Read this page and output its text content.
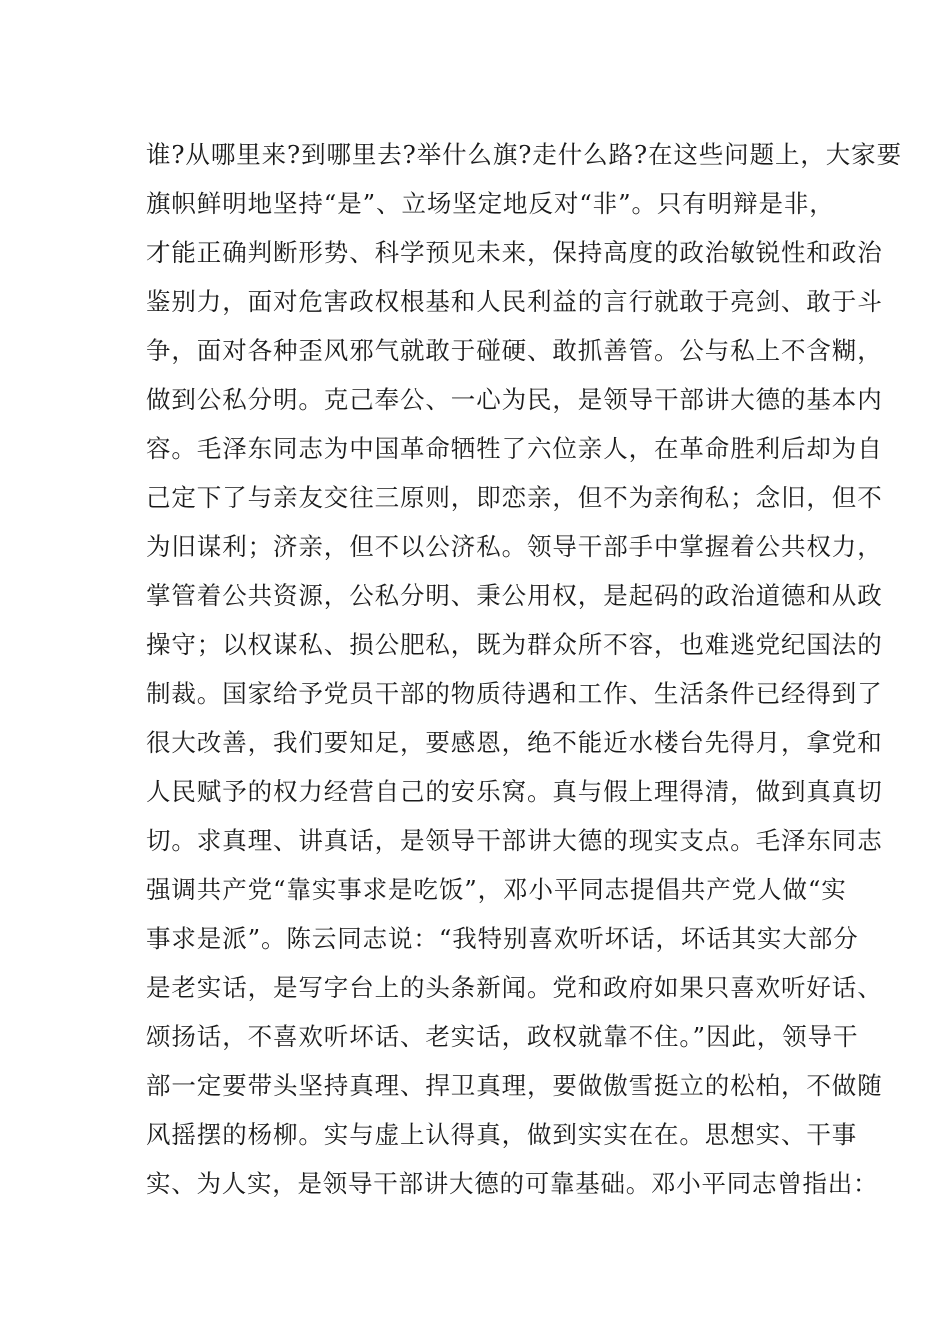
谁?从哪里来?到哪里去?举什么旗?走什么路?在这些问题上，大家要
旗帜鲜明地坚持“是”、立场坚定地反对“非”。只有明辩是非，
才能正确判断形势、科学预见未来，保持高度的政治敏锐性和政治
鉴别力，面对危害政权根基和人民利益的言行就敢于亮剑、敢于斗
争，面对各种歪风邪气就敢于碰硬、敢抓善管。公与私上不含糊，
做到公私分明。克己奉公、一心为民，是领导干部讲大德的基本内
容。毛泽东同志为中国革命牺牲了六位亲人，在革命胜利后却为自
己定下了与亲友交往三原则，即恋亲，但不为亲徇私；念旧，但不
为旧谋利；济亲，但不以公济私。领导干部手中掌握着公共权力，
掌管着公共资源，公私分明、秉公用权，是起码的政治道德和从政
操守；以权谋私、损公肥私，既为群众所不容，也难逃党纪国法的
制裁。国家给予党员干部的物质待遇和工作、生活条件已经得到了
很大改善，我们要知足，要感恩，绝不能近水楼台先得月，拿党和
人民赋予的权力经营自己的安乐窝。真与假上理得清，做到真真切
切。求真理、讲真话，是领导干部讲大德的现实支点。毛泽东同志
强调共产党“靠实事求是吃饭”，邓小平同志提倡共产党人做“实
事求是派”。陈云同志说：“我特别喜欢听坏话，坏话其实大部分
是老实话，是写字台上的头条新闻。党和政府如果只喜欢听好话、
颂扬话，不喜欢听坏话、老实话，政权就靠不住。”因此，领导干
部一定要带头坚持真理、捍卫真理，要做傲雪挺立的松柏，不做随
风摇摆的杨柳。实与虚上认得真，做到实实在在。思想实、干事
实、为人实，是领导干部讲大德的可靠基础。邓小平同志曾指出：
